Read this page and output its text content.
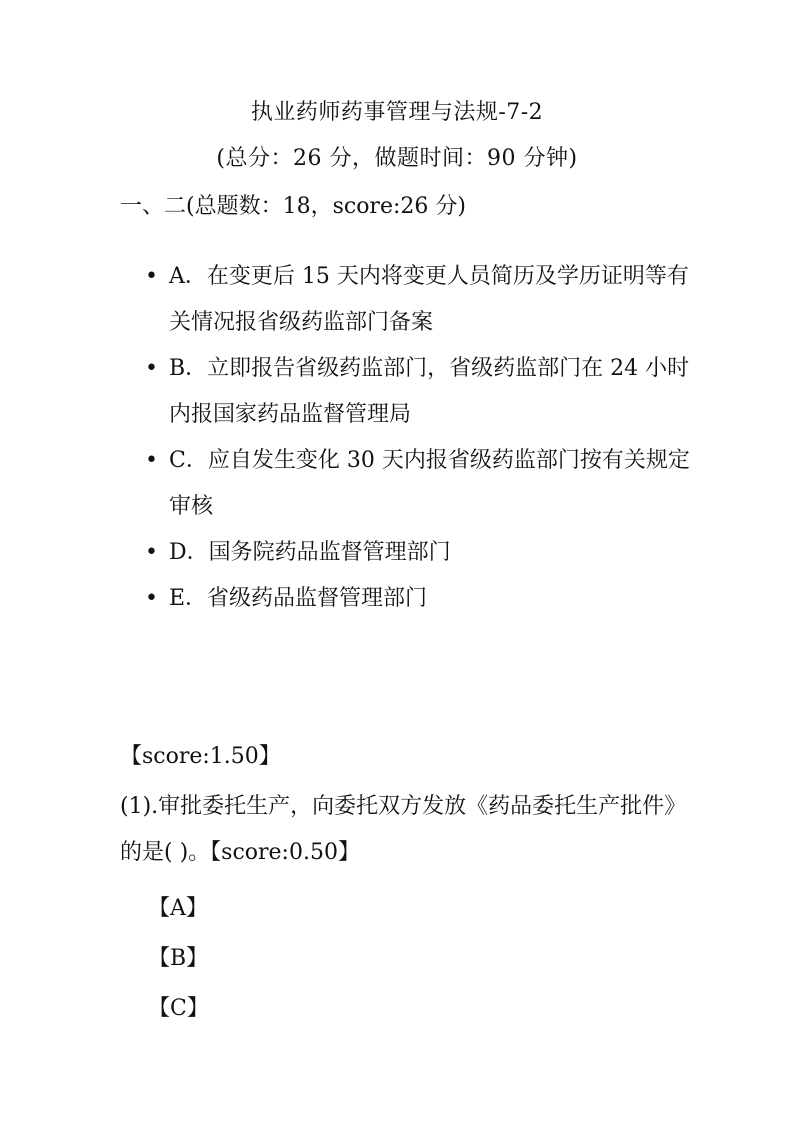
执业药师药事管理与法规-7-2
(总分：26 分，做题时间：90 分钟)
一、二(总题数：18，score:26 分)
• A．在变更后 15 天内将变更人员简历及学历证明等有关情况报省级药监部门备案
• B．立即报告省级药监部门，省级药监部门在 24 小时内报国家药品监督管理局
• C．应自发生变化 30 天内报省级药监部门按有关规定审核
• D．国务院药品监督管理部门
• E．省级药品监督管理部门
【score:1.50】

(1).审批委托生产，向委托双方发放《药品委托生产批件》的是( )。【score:0.50】

【A】
【B】
【C】
